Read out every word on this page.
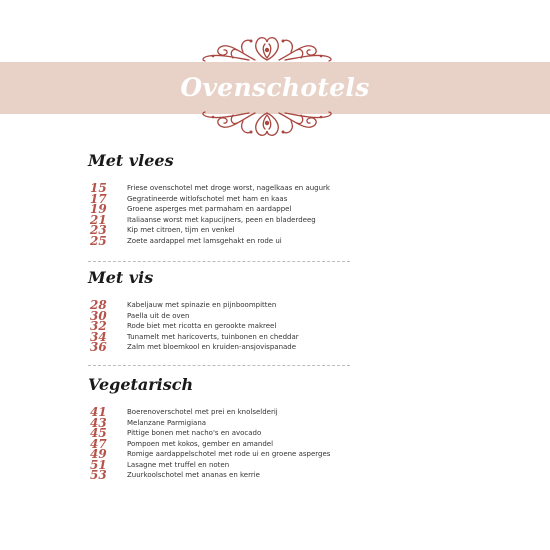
Ovenschotels
Met vlees
15	Friese ovenschotel met droge worst, nagelkaas en augurk
17	Gegratineerde witlofschotel met ham en kaas
19	Groene asperges met parmaham en aardappel
21	Italiaanse worst met kapucijners, peen en bladerdeeg
23	Kip met citroen, tijm en venkel
25	Zoete aardappel met lamsgehakt en rode ui
Met vis
28	Kabeljauw met spinazie en pijnboompitten
30	Paella uit de oven
32	Rode biet met ricotta en gerookte makreel
34	Tunamelt met haricoverts, tuinbonen en cheddar
36	Zalm met bloemkool en kruiden-ansjovispanade
Vegetarisch
41	Boerenoverschotel met prei en knolselderij
43	Melanzane Parmigiana
45	Pittige bonen met nacho's en avocado
47	Pompoen met kokos, gember en amandel
49	Romige aardappelschotel met rode ui en groene asperges
51	Lasagne met truffel en noten
53	Zuurkoolschotel met ananas en kerrie
